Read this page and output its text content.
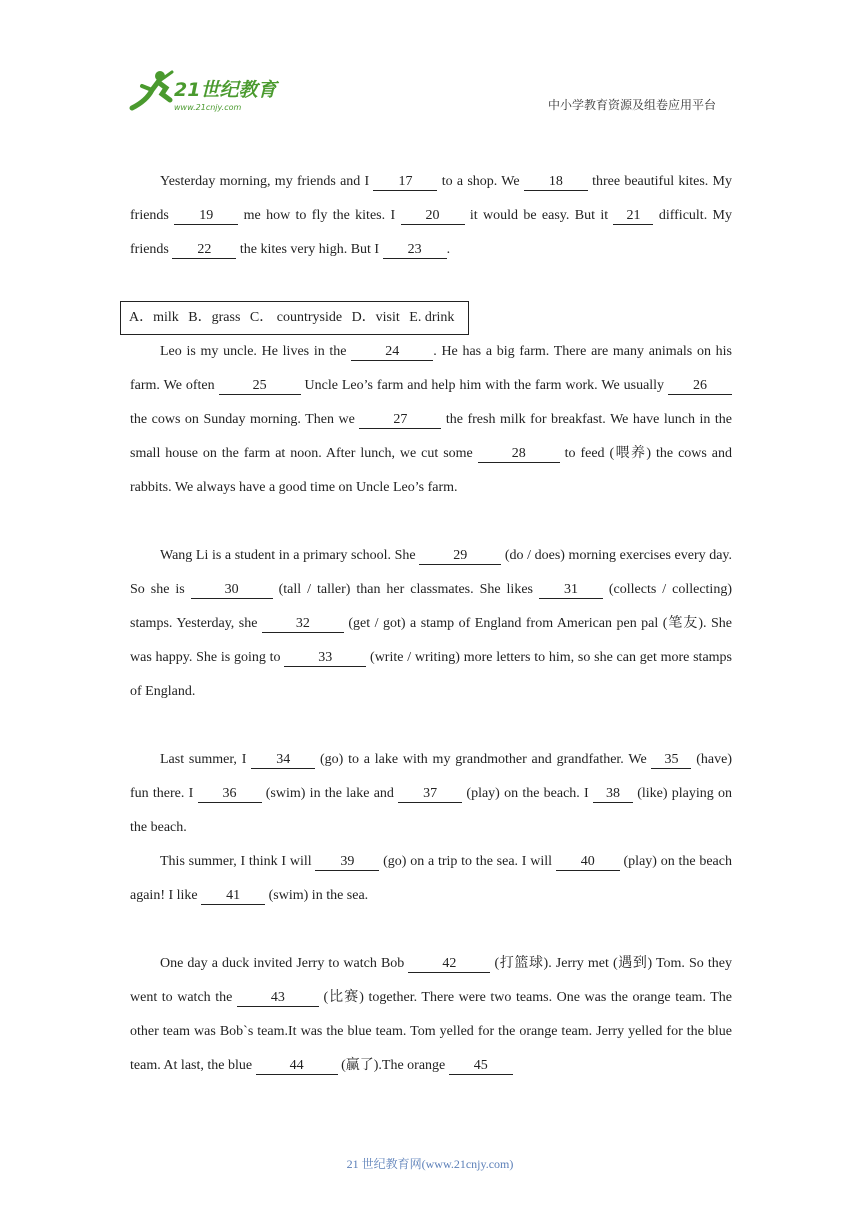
21世纪教育
www.21cnjy.com	中小学教育资源及组卷应用平台

Yesterday morning, my friends and I 17 to a shop. We 18 three beautiful kites. My friends 19 me how to fly the kites. I 20 it would be easy. But it 21 difficult. My friends 22 the kites very high. But I 23 .

A．milk B．grass C． countryside D．visit E. drink

Leo is my uncle. He lives in the 24 . He has a big farm. There are many animals on his farm. We often 25 Uncle Leo’s farm and help him with the farm work. We usually 26 the cows on Sunday morning. Then we 27 the fresh milk for breakfast. We have lunch in the small house on the farm at noon. After lunch, we cut some 28 to feed (喂养) the cows and rabbits. We always have a good time on Uncle Leo’s farm.

Wang Li is a student in a primary school. She 29 (do / does) morning exercises every day. So she is 30 (tall / taller) than her classmates. She likes 31 (collects / collecting) stamps. Yesterday, she 32 (get / got) a stamp of England from American pen pal (笔友). She was happy. She is going to 33 (write / writing) more letters to him, so she can get more stamps of England.

Last summer, I 34 (go) to a lake with my grandmother and grandfather. We 35 (have) fun there. I 36 (swim) in the lake and 37 (play) on the beach. I 38 (like) playing on the beach.

This summer, I think I will 39 (go) on a trip to the sea. I will 40 (play) on the beach again! I like 41 (swim) in the sea.

One day a duck invited Jerry to watch Bob 42 (打篮球). Jerry met (遇到) Tom. So they went to watch the 43 (比赛) together. There were two teams. One was the orange team. The other team was Bob`s team.It was the blue team. Tom yelled for the orange team. Jerry yelled for the blue team. At last, the blue 44 (赢了).The orange 45

21 世纪教育网(www.21cnjy.com)
